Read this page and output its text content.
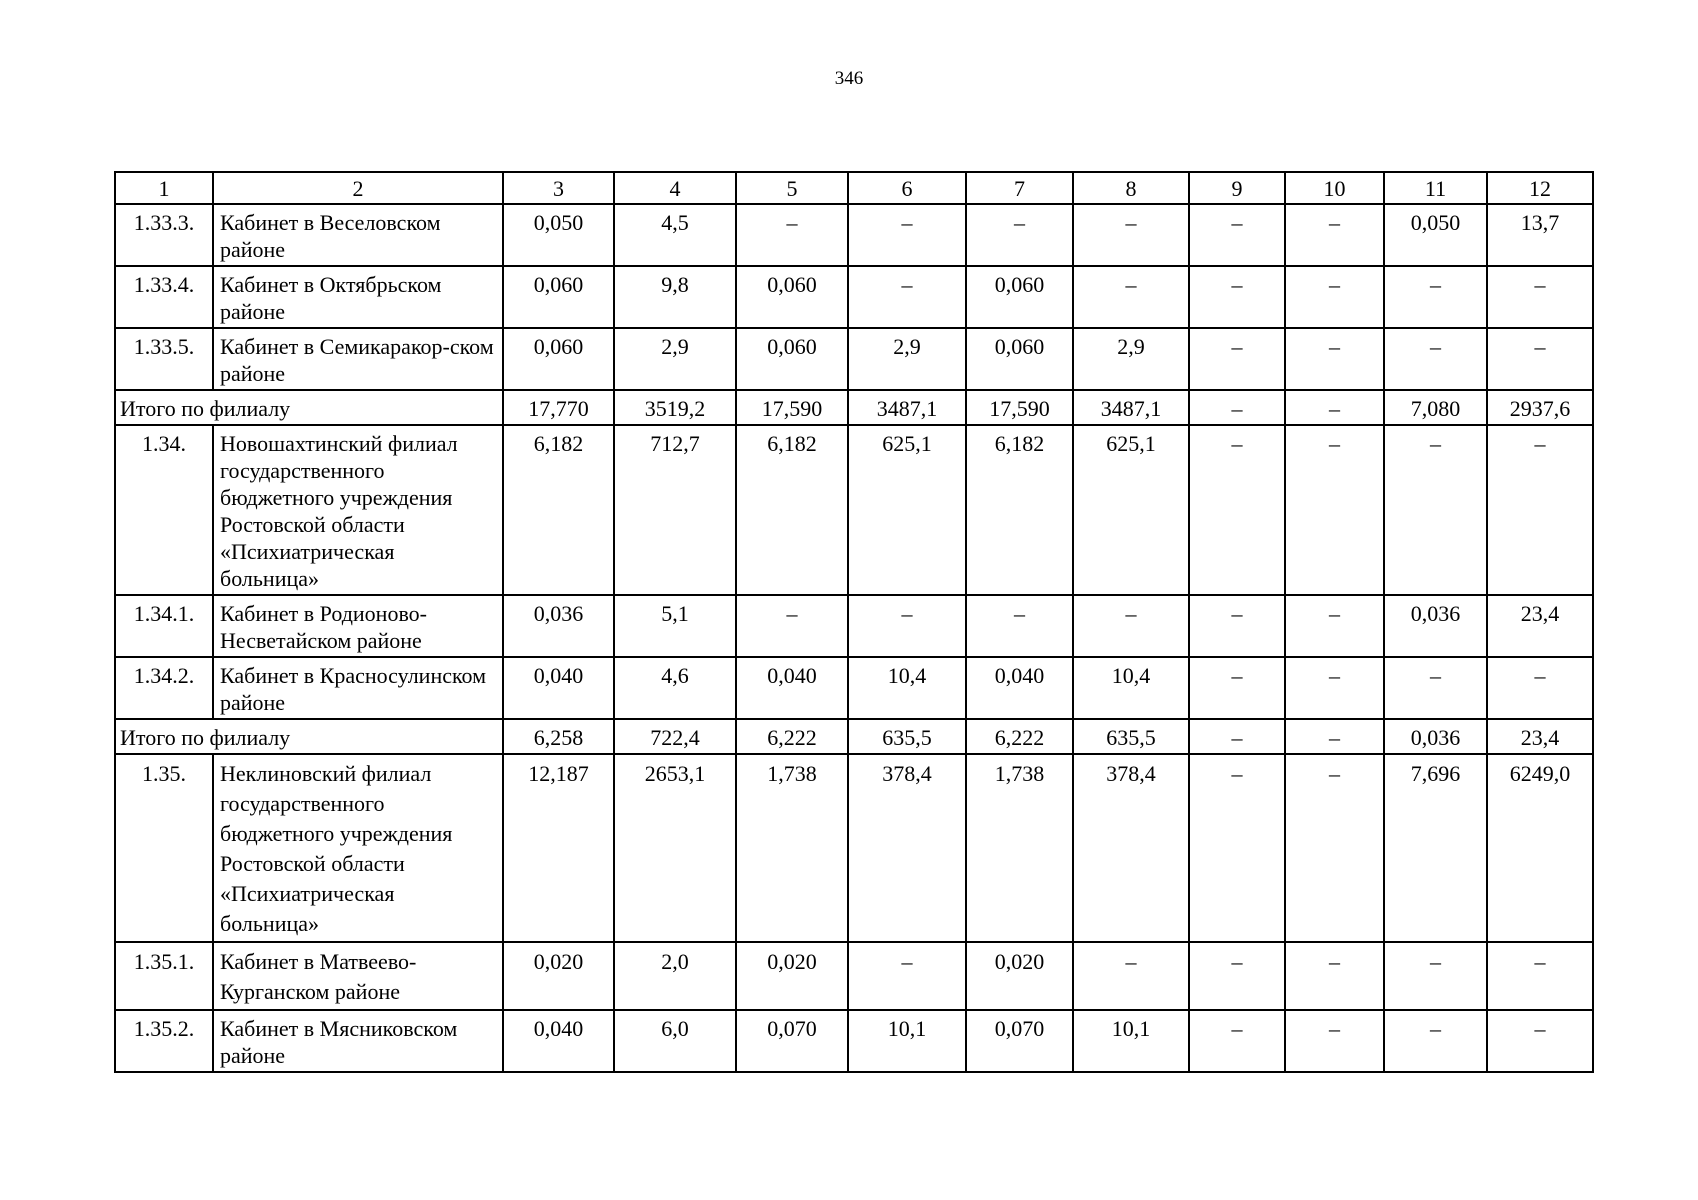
346
1	2	3	4	5	6	7	8	9	10	11	12
1.33.3.	Кабинет в Веселовском районе	0,050	4,5	–	–	–	–	–	–	0,050	13,7
1.33.4.	Кабинет в Октябрьском районе	0,060	9,8	0,060	–	0,060	–	–	–	–	–
1.33.5.	Кабинет в Семикаракор-ском районе	0,060	2,9	0,060	2,9	0,060	2,9	–	–	–	–
Итого по филиалу		17,770	3519,2	17,590	3487,1	17,590	3487,1	–	–	7,080	2937,6
1.34.	Новошахтинский филиал государственного бюджетного учреждения Ростовской области «Психиатрическая больница»	6,182	712,7	6,182	625,1	6,182	625,1	–	–	–	–
1.34.1.	Кабинет в Родионово-Несветайском районе	0,036	5,1	–	–	–	–	–	–	0,036	23,4
1.34.2.	Кабинет в Красносулинском районе	0,040	4,6	0,040	10,4	0,040	10,4	–	–	–	–
Итого по филиалу		6,258	722,4	6,222	635,5	6,222	635,5	–	–	0,036	23,4
1.35.	Неклиновский филиал государственного бюджетного учреждения Ростовской области «Психиатрическая больница»	12,187	2653,1	1,738	378,4	1,738	378,4	–	–	7,696	6249,0
1.35.1.	Кабинет в Матвеево-Курганском районе	0,020	2,0	0,020	–	0,020	–	–	–	–	–
1.35.2.	Кабинет в Мясниковском районе	0,040	6,0	0,070	10,1	0,070	10,1	–	–	–	–
